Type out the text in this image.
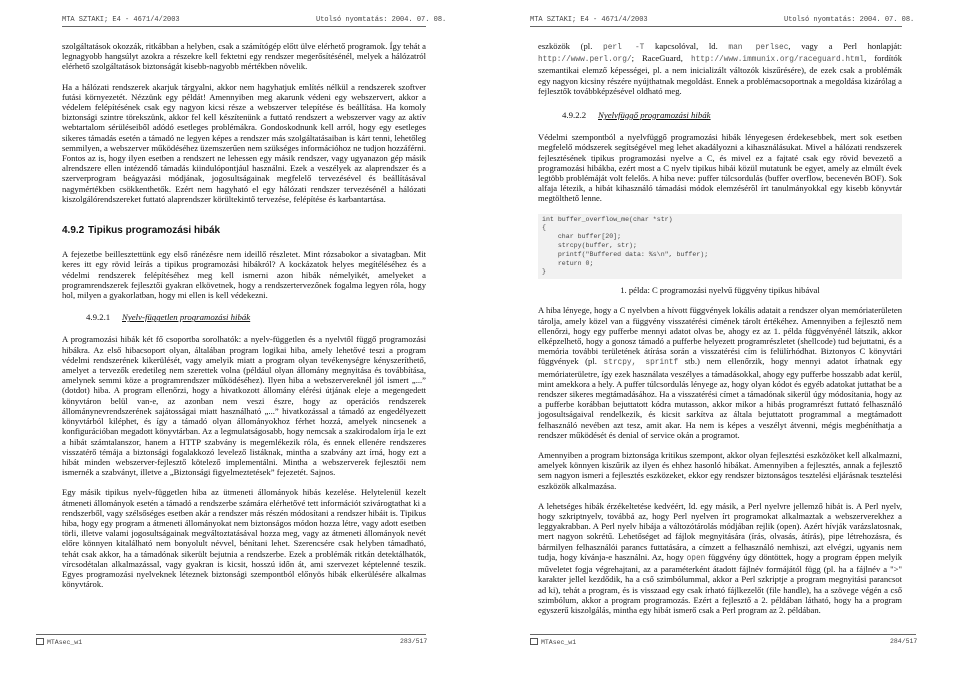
MTA SZTAKI; E4 - 4671/4/2003	Utolsó nyomtatás: 2004. 07. 08.

szolgáltatások okozzák, ritkábban a helyben, csak a számítógép előtt ülve elérhető programok. Így tehát a legnagyobb hangsúlyt azokra a részekre kell fektetni egy rendszer megerősítésénél, melyek a hálózatról elérhető szolgáltatások biztonságát kisebb-nagyobb mértékben növelik.

Ha a hálózati rendszerek akarjuk tárgyalni, akkor nem hagyhatjuk említés nélkül a rendszerek szoftver futási környezetét. Nézzünk egy példát! Amennyiben meg akarunk védeni egy webszervert, akkor a védelem felépítésének csak egy nagyon kicsi része a webszerver telepítése és beállítása. Ha komoly biztonsági szintre törekszünk, akkor fel kell készítenünk a futtató rendszert a webszerver vagy az aktív webtartalom sérüléseiből adódó esetleges problémákra. Gondoskodnunk kell arról, hogy egy esetleges sikeres támadás esetén a támadó ne legyen képes a rendszer más szolgáltatásaiban is kárt tenni, lehetőleg semmilyen, a webszerver működéséhez üzemszerűen nem szükséges információhoz ne tudjon hozzáférni. Fontos az is, hogy ilyen esetben a rendszert ne lehessen egy másik rendszer, vagy ugyanazon gép másik alrendszere ellen intézendő támadás kiindulópontjául használni. Ezek a veszélyek az alaprendszer és a szerverprogram beágyazási módjának, jogosultságainak megfelelő tervezésével és beállításával nagymértékben csökkenthetők. Ezért nem hagyható el egy hálózati rendszer tervezésénél a hálózati kiszolgálórendszereket futtató alaprendszer körültekintő tervezése, felépítése és karbantartása.

4.9.2 Tipikus programozási hibák

A fejezetbe beillesztettünk egy első ránézésre nem ideillő részletet. Mint rózsabokor a sivatagban. Mit keres itt egy rövid leírás a tipikus programozási hibákról? A kockázatok helyes megítéléséhez és a védelmi rendszerek felépítéséhez meg kell ismerni azon hibák némelyikét, amelyeket a programrendszerek fejlesztői gyakran elkövetnek, hogy a rendszertervezőnek fogalma legyen róla, hogy hol, milyen a gyakorlatban, hogy mi ellen is kell védekezni.

4.9.2.1 Nyelv-független programozási hibák

A programozási hibák két fő csoportba sorolhatók: a nyelv-független és a nyelvtől függő programozási hibákra. Az első hibacsoport olyan, általában program logikai hiba, amely lehetővé teszi a program védelmi rendszerének kikerülését, vagy amelyik miatt a program olyan tevékenységre kényszeríthető, amelyet a tervezők eredetileg nem szerettek volna (például olyan állomány megnyitása és továbbítása, amelynek semmi köze a programrendszer működéséhez). Ilyen hiba a webszervereknél jól ismert „...” (dotdot) hiba. A program ellenőrzi, hogy a hivatkozott állomány elérési útjának eleje a megengedett könyvtáron belül van-e, az azonban nem veszi észre, hogy az operációs rendszerek állománynevrendszerének sajátosságai miatt használható „...” hivatkozással a támadó az engedélyezett könyvtárból kiléphet, és így a támadó olyan állományokhoz férhet hozzá, amelyek nincsenek a konfigurációban megadott könyvtárban. Az a legmulatságosabb, hogy nemcsak a szakirodalom írja le ezt a hibát számtalanszor, hanem a HTTP szabvány is megemlékezik róla, és ennek ellenére rendszeres visszatérő témája a biztonsági fogalakkozó levelező listáknak, mintha a szabvány azt írná, hogy ezt a hibát minden webszerver-fejlesztő kötelező implementálni. Mintha a webszerverek fejlesztői nem ismernék a szabványt, illetve a „Biztonsági figyelmeztetések” fejezetét. Sajnos.

Egy másik tipikus nyelv-független hiba az ütmeneti állományok hibás kezelése. Helytelenül kezelt átmeneti állományok esetén a támadó a rendszerbe számára elérhetővé tett információt szivárogtathat ki a rendszerből, vagy szélsőséges esetben akár a rendszer más részén módosítani a rendszer hibáit is. Tipikus hiba, hogy egy program a átmeneti állományokat nem biztonságos módon hozza létre, vagy adott esetben törli, illetve valami jogosultságainak megváltoztatásával hozza meg, vagy az átmeneti állományok nevét előre könnyen kitalálható nem bonyolult névvel, bénítani lehet. Szerencsére csak helyben támadható, tehát csak akkor, ha a támadónak sikerült bejutnia a rendszerbe. Ezek a problémák ritkán detektálhatók, vírcsodétalan alkalmazással, vagy gyakran is kicsit, hosszú időn át, ami szervezet képtelenné teszik. Egyes programozási nyelveknek léteznek biztonsági szempontból előnyös hibák elkerülésére alkalmas könyvtárok.

MTAsec_w1	283/517
MTA SZTAKI; E4 - 4671/4/2003	Utolsó nyomtatás: 2004. 07. 08.

eszközök (pl. perl -T kapcsolóval, ld. man perlsec, vagy a Perl honlapját: http://www.perl.org/; RaceGuard, http://www.immunix.org/raceguard.html, fordítók szemantikai elemző képességei, pl. a nem inicializált változók kiszűrésére), de ezek csak a problémák egy nagyon kicsiny részére nyújthatnak megoldást. Ennek a problémacsoportnak a megoldása kizárólag a fejlesztők továbbképzésével oldható meg.

4.9.2.2 Nyelvfüggő programozási hibák

Védelmi szempontból a nyelvfüggő programozási hibák lényegesen érdekesebbek, mert sok esetben megfelelő módszerek segítségével meg lehet akadályozni a kihasználásukat. Mivel a hálózati rendszerek fejlesztésének tipikus programozási nyelve a C, és mivel ez a fajtaté csak egy rövid bevezető a programozási hibákba, ezért most a C nyelv tipikus hibái közül mutatunk be egyet, amely az elmúlt évek legtöbb problémáját volt felelős. A hiba neve: puffer túlcsordulás (buffer overflow, becenevén BOF). Sok alfaja létezik, a hibát kihasználó támadási módok elemzésérõl írt tanulmányokkal egy kisebb könyvtár megtölthető lenne.

int buffer_overflow_me(char *str)
{
char buffer[20];
strcpy(buffer, str);
printf("Buffered data: %s\n", buffer);
return 0;
}
1. példa: C programozási nyelvű függvény tipikus hibával

A hiba lényege, hogy a C nyelvben a hívott függvények lokális adatait a rendszer olyan memóriaterületen tárolja, amely közel van a függvény visszatérési címének tárolt értékéhez. Amennyiben a fejlesztő nem ellenőrzi, hogy egy pufferbe mennyi adatot olvas be, ahogy ez az 1. példa függvényénél látszik, akkor elképzelhető, hogy a gonosz támadó a pufferbe helyezett programrészletet (shellcode) tud bejuttatni, és a memória további területének átírása során a visszatérési cím is felülírhódhat. Biztonyos C könyvtári függvények (pl. strcpy, sprintf stb.) nem ellenőrzik, hogy mennyi adatot írhatnak egy memóriaterületre, így ezek használata veszélyes a támadásokkal, ahogy egy pufferbe hosszabb adat kerül, mint amekkora a hely. A puffer túlcsordulás lényege az, hogy olyan kódot és egyéb adatokat juttathat be a rendszer sikeres megtámadásához. Ha a visszatérési címet a támadónak sikerül úgy módosítania, hogy az a pufferbe korábban bejuttatott kódra mutasson, akkor mikor a hibás programrészt futtató felhasználó jogosultságaival rendelkezik, és kicsit sarkítva az általa bejuttatott programmal a megtámadott felhasználó nevében azt tesz, amit akar. Ha nem is képes a veszélyt átvenni, mégis megbéníthatja a rendszer működését és denial of service okán a programot.

Amennyiben a program biztonsága kritikus szempont, akkor olyan fejlesztési eszközöket kell alkalmazni, amelyek könnyen kiszűrik az ilyen és ehhez hasonló hibákat. Amennyiben a fejlesztés, annak a fejlesztő sem nagyon ismeri a fejlesztés eszközeket, ekkor egy rendszer biztonságos tesztelési eljárásnak tesztelési eszközök alkalmazása.

A lehetséges hibák érzékeltetése kedvéért, ld. egy másik, a Perl nyelvre jellemző hibát is. A Perl nyelv, hogy szkriptnyelv, továbbá az, hogy Perl nyelven írt programokat alkalmaztak a webszerverekhez a leggyakrabban. A Perl nyelv hibája a változótárolás módjában rejlik (open). Azért hívják varázslatosnak, mert nagyon sokrétű. Lehetőséget ad fájlok megnyitására (írás, olvasás, átírás), pipe létrehozásra, és bármilyen felhasználói parancs futtatására, a címzett a felhasználó nemhiszi, azt elvégzi, ugyanis nem tudja, hogy kívánja-e használni. Az, hogy open függvény úgy döntöttek, hogy a program éppen melyik műveletet fogja végrehajtani, az a paraméterként átadott fájlnév formájától függ (pl. ha a fájlnév a ">" karakter jellel kezdődik, ha a cső szimbólummal, akkor a Perl szkriptje a program megnyitási parancsot ad ki), tehát a program, és is visszaad egy csak írható fájlkezelőt (file handle), ha a szövege végén a cső szimbólum, akkor a program programozás. Ezért a fejlesztő a 2. példában látható, hogy ha a program egyszerű kiszolgálás, mintha egy hibát ismerő csak a Perl program az 2. példában.

MTAsec_w1	284/517
